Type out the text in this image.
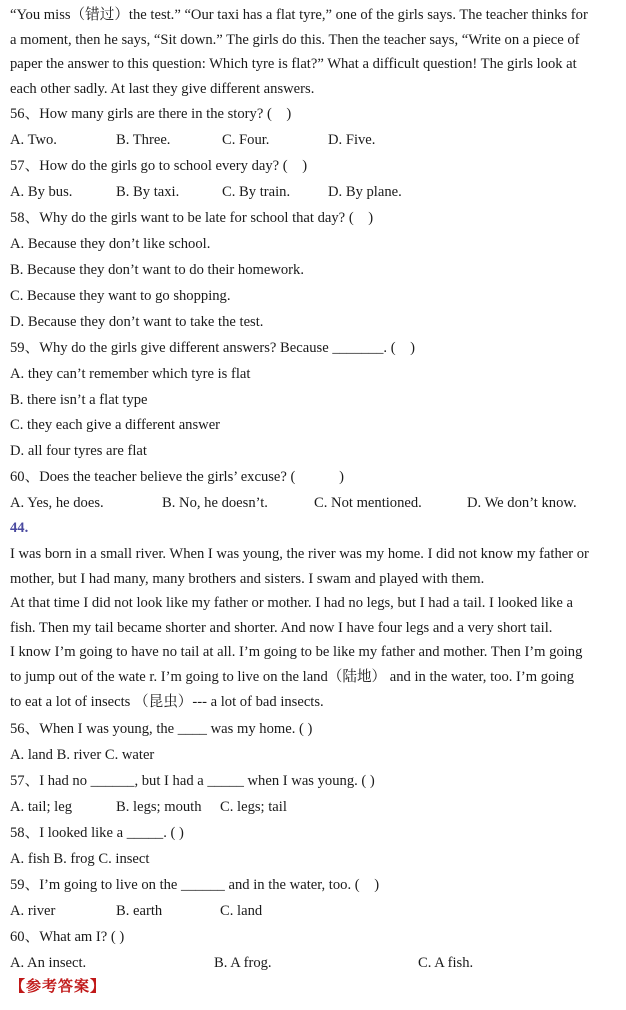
“You miss（错过）the test.” “Our taxi has a flat tyre,” one of the girls says. The teacher thinks for
a moment, then he says, “Sit down.” The girls do this. Then the teacher says, “Write on a piece of
paper the answer to this question: Which tyre is flat?” What a difficult question! The girls look at
each other sadly. At last they give different answers.
56、How many girls are there in the story? (　)
A. Two.	B. Three.	C. Four.	D. Five.
57、How do the girls go to school every day? (　)
A. By bus.	B. By taxi.	C. By train.	D. By plane.
58、Why do the girls want to be late for school that day? (　)
A. Because they don’t like school.
B. Because they don’t want to do their homework.
C. Because they want to go shopping.
D. Because they don’t want to take the test.
59、Why do the girls give different answers? Because _______. (　)
A. they can’t remember which tyre is flat
B. there isn’t a flat type
C. they each give a different answer
D. all four tyres are flat
60、Does the teacher believe the girls’ excuse? (　　　)
A. Yes, he does.	B. No, he doesn’t.	C. Not mentioned.	D. We don’t know.
44.
I was born in a small river. When I was young, the river was my home. I did not know my father or
mother, but I had many, many brothers and sisters. I swam and played with them.
At that time I did not look like my father or mother. I had no legs, but I had a tail. I looked like a
fish. Then my tail became shorter and shorter. And now I have four legs and a very short tail.
I know I’m going to have no tail at all. I’m going to be like my father and mother. Then I’m going
to jump out of the wate r. I’m going to live on the land（陆地） and in the water, too. I’m going
to eat a lot of insects （昆虫）--- a lot of bad insects.
56、When I was young, the ____ was my home. ( )
A. land B. river C. water
57、I had no ______, but I had a _____ when I was young. ( )
A. tail; leg	B. legs; mouth C. legs; tail
58、I looked like a _____. ( )
A. fish B. frog C. insect
59、I’m going to live on the ______ and in the water, too. (　)
A. river	B. earth	C. land
60、What am I? ( )
A. An insect.	B. A frog.	C. A fish.
【参考答案】
